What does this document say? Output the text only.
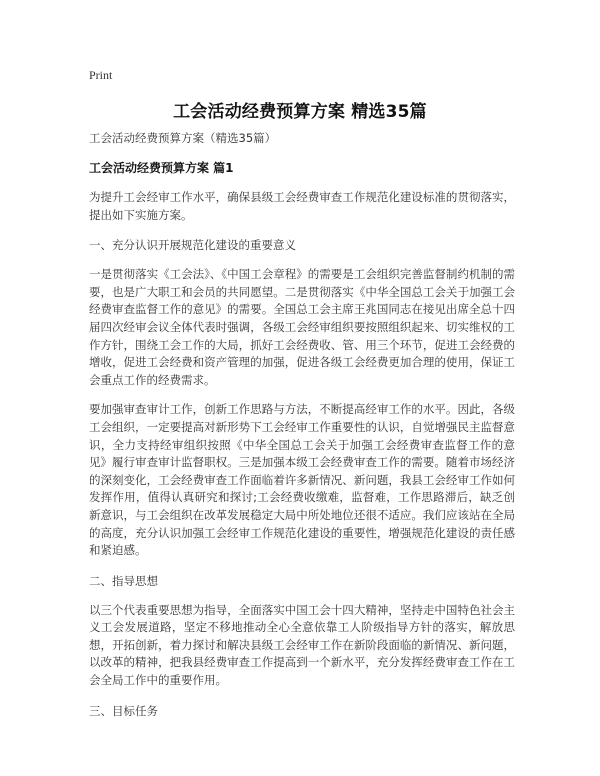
Print
工会活动经费预算方案 精选35篇
工会活动经费预算方案（精选35篇）
工会活动经费预算方案 篇1

为提升工会经审工作水平，确保县级工会经费审查工作规范化建设标准的贯彻落实，提出如下实施方案。

一、充分认识开展规范化建设的重要意义

一是贯彻落实《工会法》、《中国工会章程》的需要是工会组织完善监督制约机制的需要，也是广大职工和会员的共同愿望。二是贯彻落实《中华全国总工会关于加强工会经费审查监督工作的意见》的需要。全国总工会主席王兆国同志在接见出席全总十四届四次经审会议全体代表时强调，各级工会经审组织要按照组织起来、切实维权的工作方针，围绕工会工作的大局，抓好工会经费收、管、用三个环节，促进工会经费的增收，促进工会经费和资产管理的加强，促进各级工会经费更加合理的使用，保证工会重点工作的经费需求。

要加强审查审计工作，创新工作思路与方法，不断提高经审工作的水平。因此，各级工会组织，一定要提高对新形势下工会经审工作重要性的认识，自觉增强民主监督意识，全力支持经审组织按照《中华全国总工会关于加强工会经费审查监督工作的意见》履行审查审计监督职权。三是加强本级工会经费审查工作的需要。随着市场经济的深刻变化，工会经费审查工作面临着许多新情况、新问题，我县工会经审工作如何发挥作用，值得认真研究和探讨;工会经费收缴难，监督难，工作思路滞后，缺乏创新意识，与工会组织在改革发展稳定大局中所处地位还很不适应。我们应该站在全局的高度，充分认识加强工会经审工作规范化建设的重要性，增强规范化建设的责任感和紧迫感。

二、指导思想

以三个代表重要思想为指导，全面落实中国工会十四大精神，坚持走中国特色社会主义工会发展道路，坚定不移地推动全心全意依靠工人阶级指导方针的落实，解放思想，开拓创新，着力探讨和解决县级工会经审工作在新阶段面临的新情况、新问题，以改革的精神，把我县经费审查工作提高到一个新水平，充分发挥经费审查工作在工会全局工作中的重要作用。

三、目标任务
